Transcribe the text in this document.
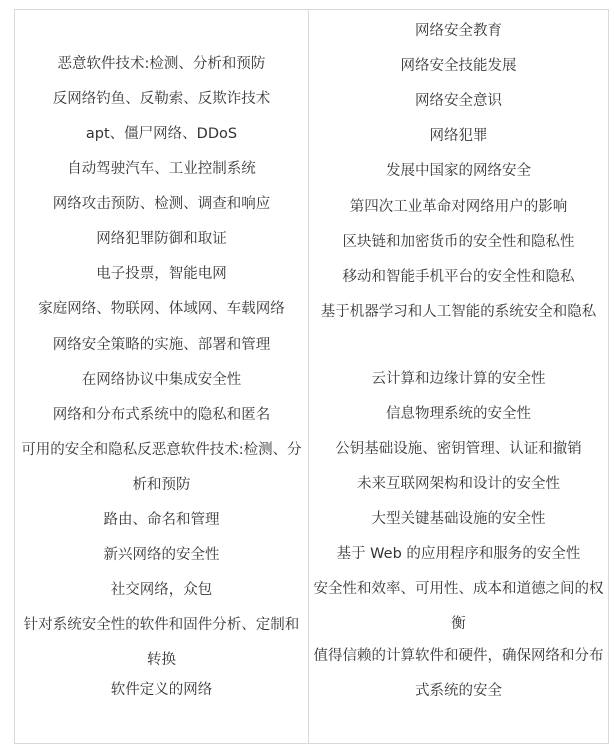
恶意软件技术:检测、分析和预防
反网络钓鱼、反勒索、反欺诈技术
apt、僵尸网络、DDoS
自动驾驶汽车、工业控制系统
网络攻击预防、检测、调查和响应
网络犯罪防御和取证
电子投票，智能电网
家庭网络、物联网、体域网、车载网络
网络安全策略的实施、部署和管理
在网络协议中集成安全性
网络和分布式系统中的隐私和匿名
可用的安全和隐私反恶意软件技术:检测、分析和预防
路由、命名和管理
新兴网络的安全性
社交网络，众包
针对系统安全性的软件和固件分析、定制和转换
软件定义的网络
网络安全教育
网络安全技能发展
网络安全意识
网络犯罪
发展中国家的网络安全
第四次工业革命对网络用户的影响
区块链和加密货币的安全性和隐私性
移动和智能手机平台的安全性和隐私
基于机器学习和人工智能的系统安全和隐私
云计算和边缘计算的安全性
信息物理系统的安全性
公钥基础设施、密钥管理、认证和撤销
未来互联网架构和设计的安全性
大型关键基础设施的安全性
基于 Web 的应用程序和服务的安全性
安全性和效率、可用性、成本和道德之间的权衡
值得信赖的计算软件和硬件，确保网络和分布式系统的安全
